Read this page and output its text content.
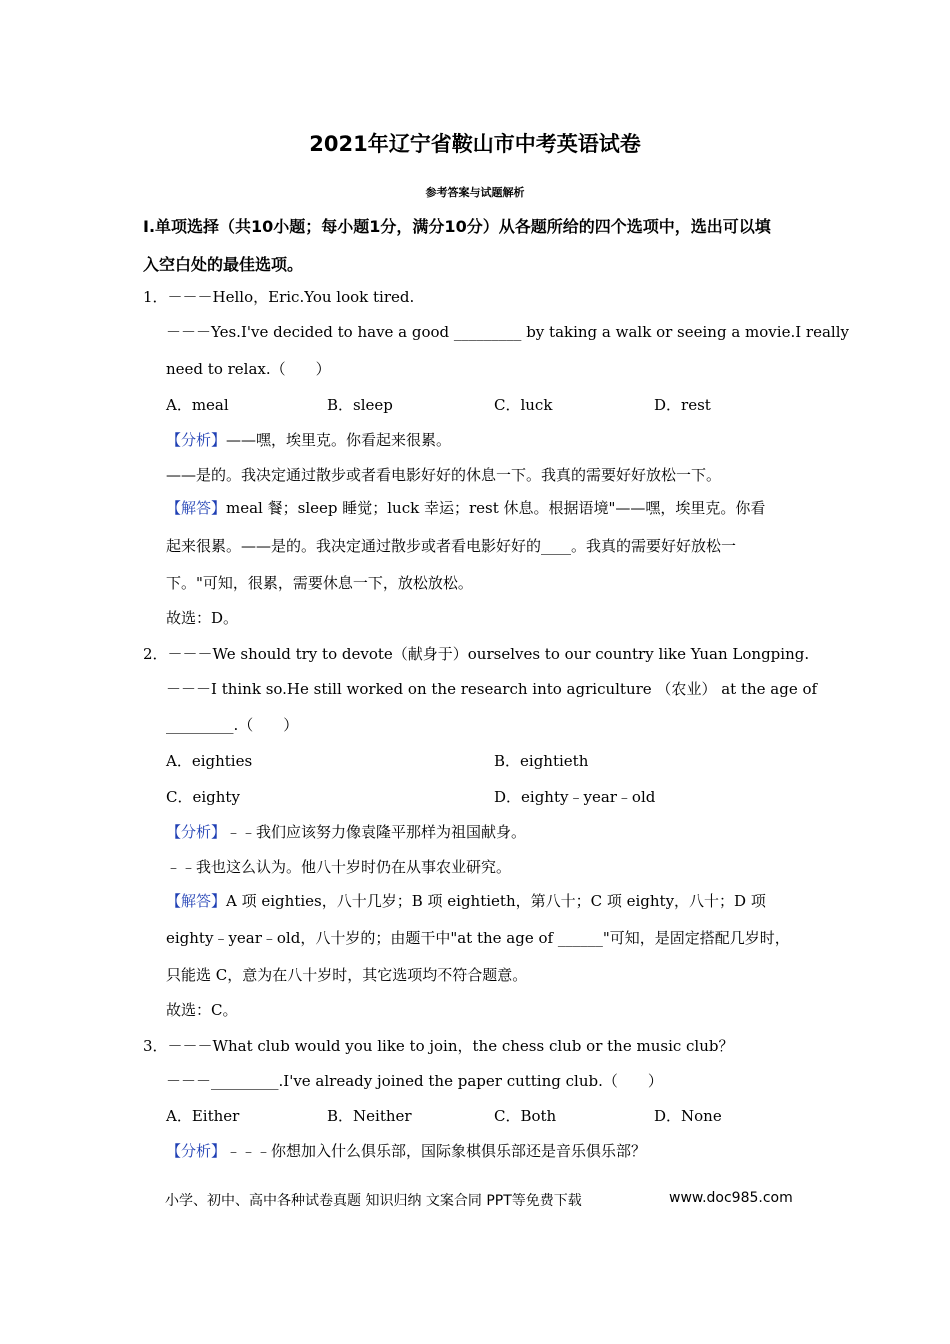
2021年辽宁省鞍山市中考英语试卷
参考答案与试题解析
I.单项选择（共10小题；每小题1分，满分10分）从各题所给的四个选项中，选出可以填
入空白处的最佳选项。
1．－－－Hello，Eric.You look tired.
－－－Yes.I've decided to have a good _________ by taking a walk or seeing a movie.I really
need to relax.（　　）
A．meal	B．sleep	C．luck	D．rest
【分析】——嘿，埃里克。你看起来很累。
——是的。我决定通过散步或者看电影好好的休息一下。我真的需要好好放松一下。
【解答】meal 餐；sleep 睡觉；luck 幸运；rest 休息。根据语境"——嘿，埃里克。你看
起来很累。——是的。我决定通过散步或者看电影好好的____。我真的需要好好放松一
下。"可知，很累，需要休息一下，放松放松。
故选：D。
2．－－－We should try to devote（献身于）ourselves to our country like Yuan Longping.
－－－I think so.He still worked on the research into agriculture （农业） at the age of
_________.（　　）
A．eighties	B．eightieth
C．eighty	D．eighty﹣year﹣old
【分析】﹣﹣我们应该努力像袁隆平那样为祖国献身。
﹣﹣我也这么认为。他八十岁时仍在从事农业研究。
【解答】A 项 eighties，八十几岁；B 项 eightieth，第八十；C 项 eighty，八十；D 项
eighty﹣year﹣old，八十岁的；由题干中"at the age of ______"可知，是固定搭配几岁时，
只能选 C，意为在八十岁时，其它选项均不符合题意。
故选：C。
3．－－－What club would you like to join，the chess club or the music club？
－－－_________.I've already joined the paper cutting club.（　　）
A．Either	B．Neither	C．Both	D．None
【分析】﹣﹣﹣你想加入什么俱乐部，国际象棋俱乐部还是音乐俱乐部？
小学、初中、高中各种试卷真题 知识归纳 文案合同 PPT等免费下载	www.doc985.com
